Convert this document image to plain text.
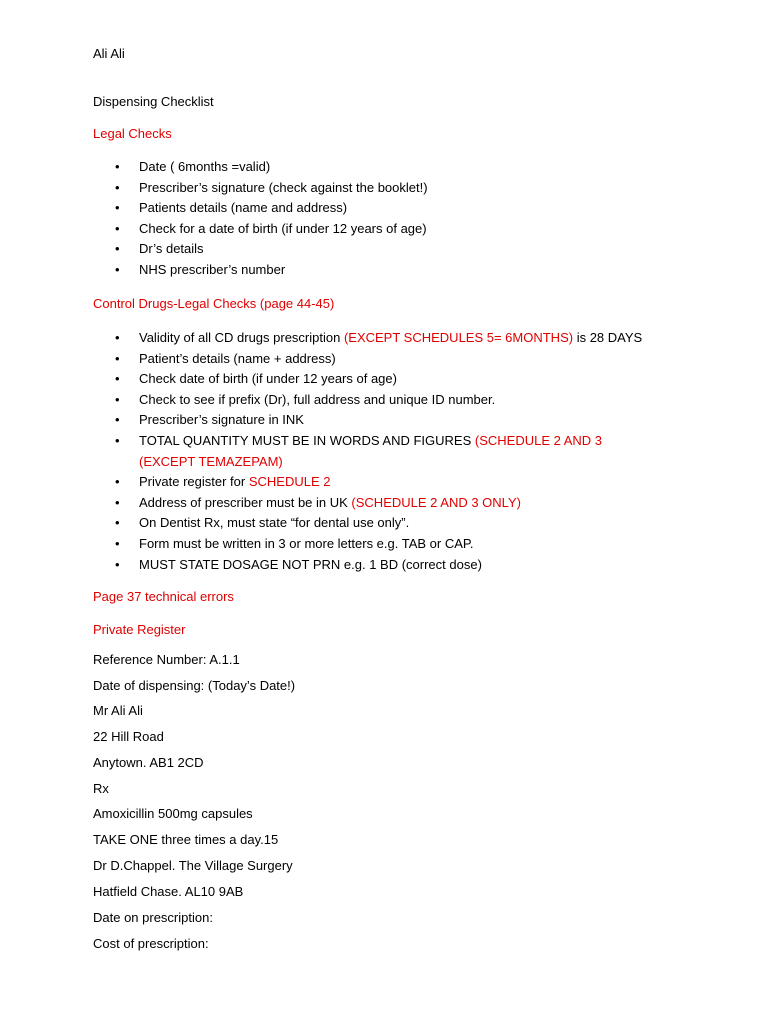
Ali Ali
Dispensing Checklist
Legal Checks
• Date ( 6months =valid)
• Prescriber’s signature (check against the booklet!)
• Patients details (name and address)
• Check for a date of birth (if under 12 years of age)
• Dr’s details
• NHS prescriber’s number
Control Drugs-Legal Checks (page 44-45)
• Validity of all CD drugs prescription (EXCEPT SCHEDULES 5= 6MONTHS) is 28 DAYS
• Patient’s details (name + address)
• Check date of birth (if under 12 years of age)
• Check to see if prefix (Dr), full address and unique ID number.
• Prescriber’s signature in INK
• TOTAL QUANTITY MUST BE IN WORDS AND FIGURES (SCHEDULE 2 AND 3 (EXCEPT TEMAZEPAM)
• Private register for SCHEDULE 2
• Address of prescriber must be in UK (SCHEDULE 2 AND 3 ONLY)
• On Dentist Rx, must state “for dental use only”.
• Form must be written in 3 or more letters e.g. TAB or CAP.
• MUST STATE DOSAGE NOT PRN e.g. 1 BD (correct dose)
Page 37 technical errors
Private Register
Reference Number: A.1.1
Date of dispensing: (Today’s Date!)
Mr Ali Ali
22 Hill Road
Anytown. AB1 2CD
Rx
Amoxicillin 500mg capsules
TAKE ONE three times a day.15
Dr D.Chappel. The Village Surgery
Hatfield Chase. AL10 9AB
Date on prescription:
Cost of prescription:
